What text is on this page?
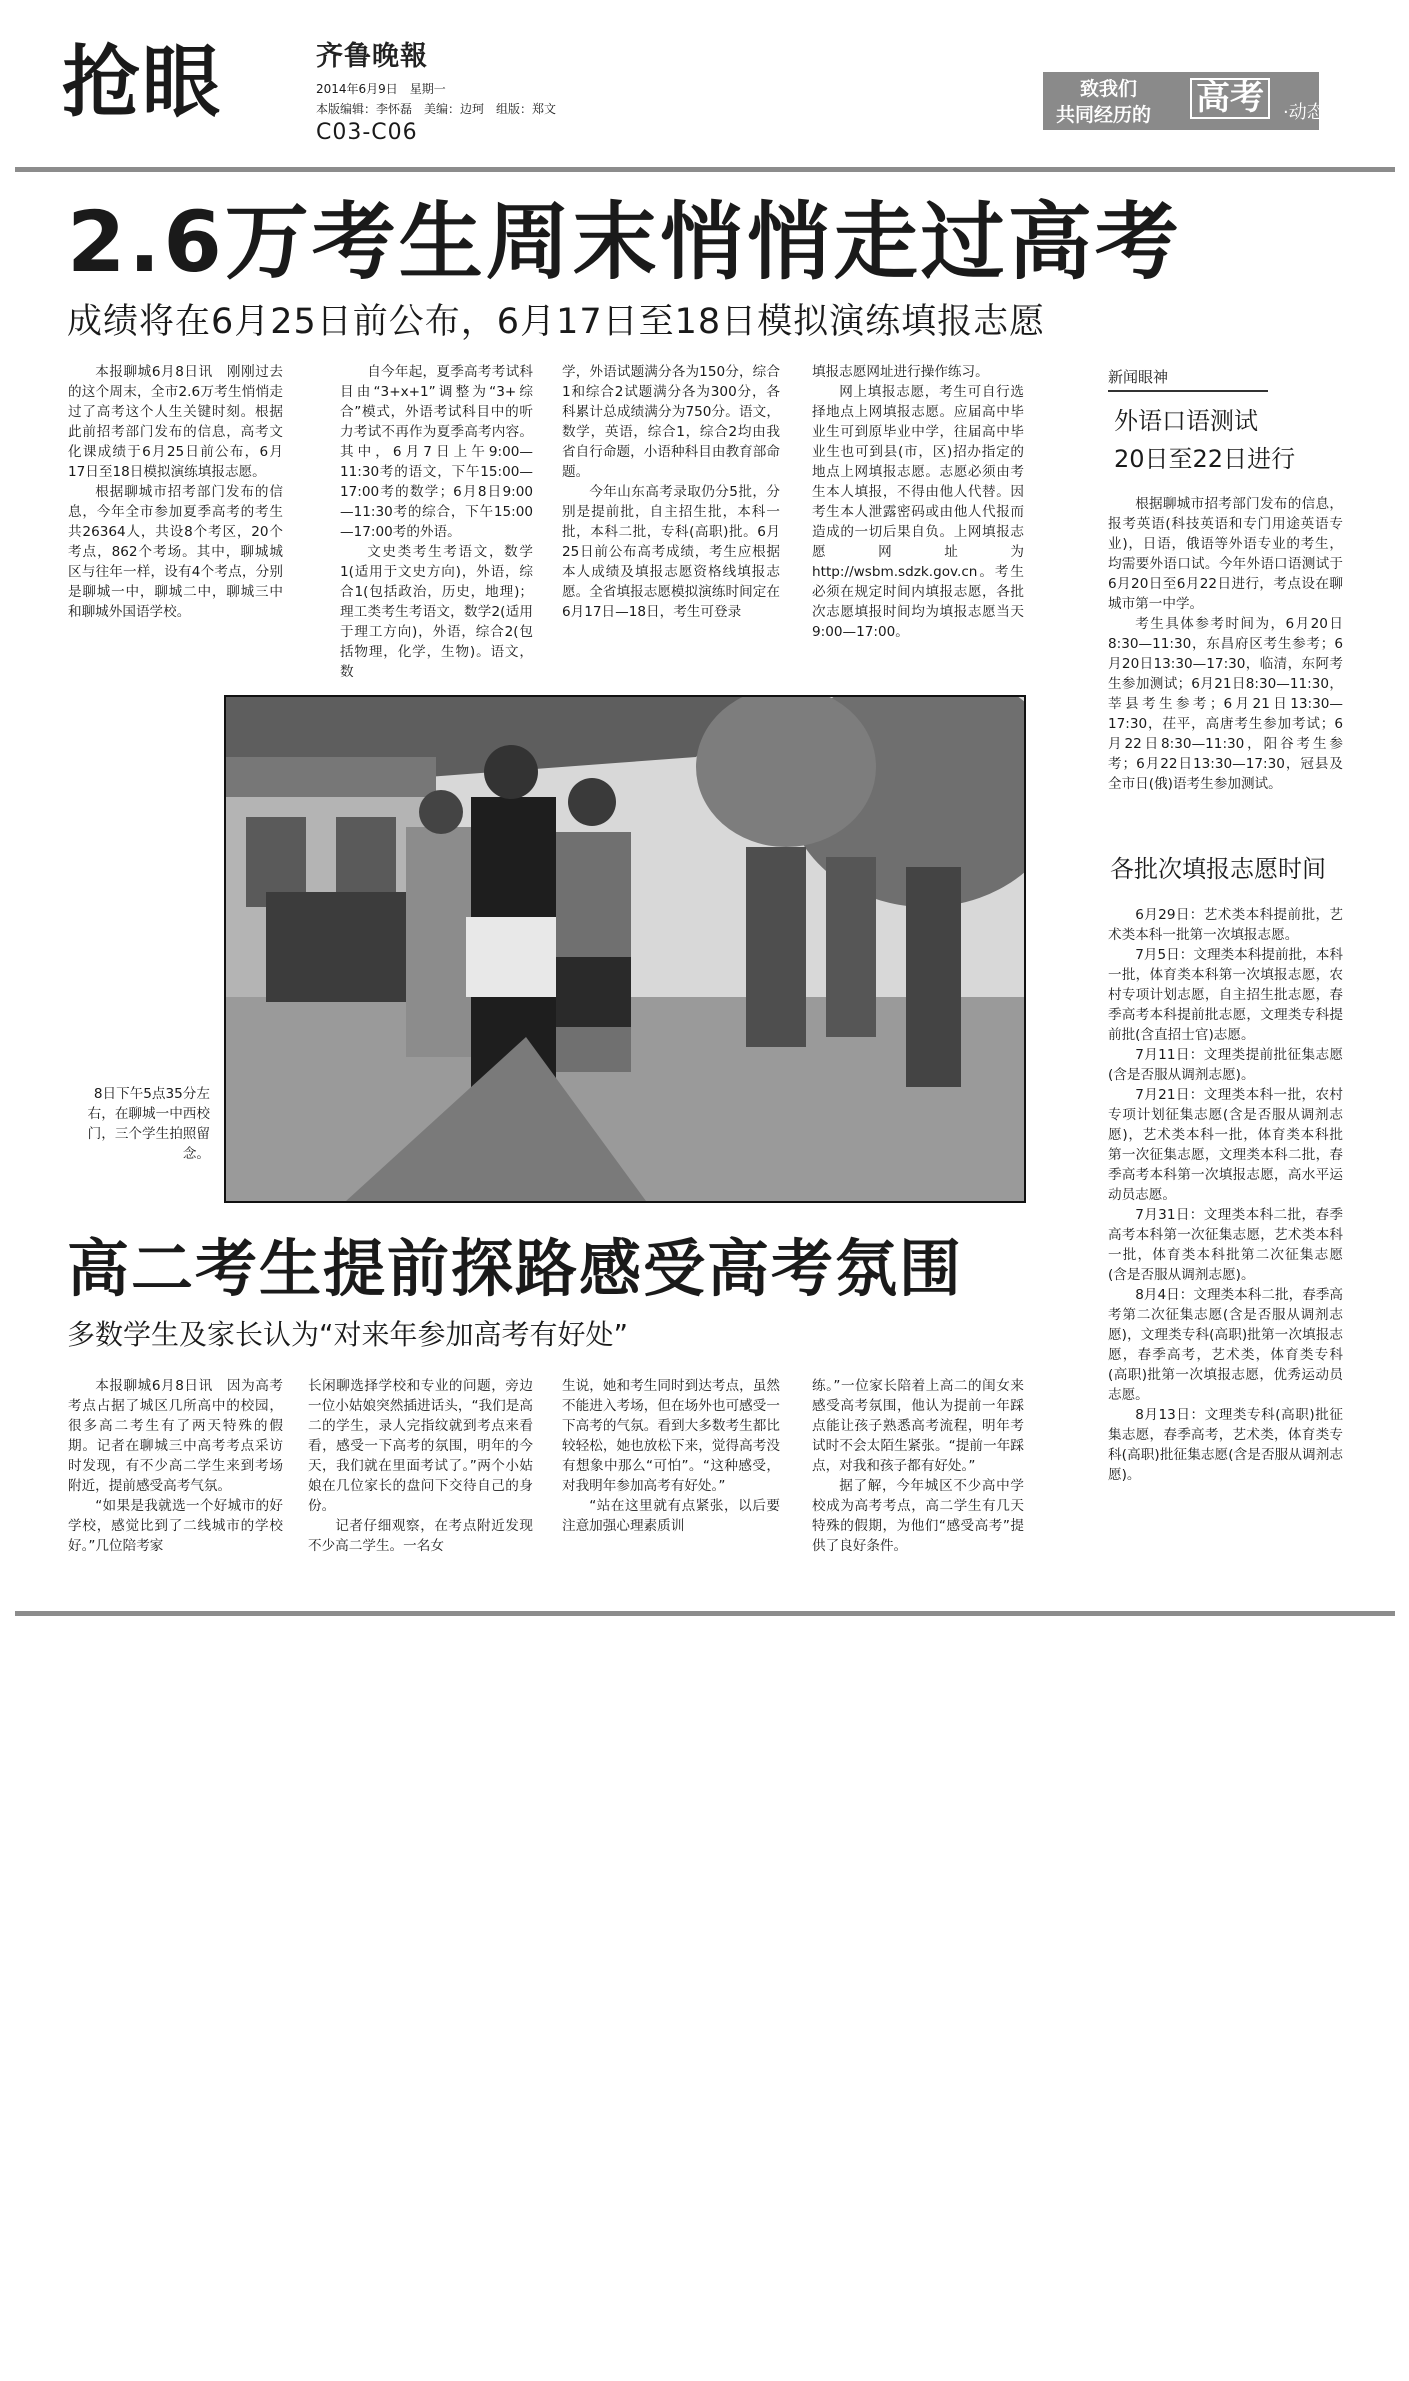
抢眼	齐鲁晚報
2014年6月9日　星期一
本版编辑：李怀磊　美编：边珂　组版：郑文
C03-C06
致我们
共同经历的 高考	·动态
2.6万考生周末悄悄走过高考
成绩将在6月25日前公布，6月17日至18日模拟演练填报志愿

本报聊城6月8日讯　刚刚过去的这个周末，全市2.6万考生悄悄走过了高考这个人生关键时刻。根据此前招考部门发布的信息，高考文化课成绩于6月25日前公布，6月17日至18日模拟演练填报志愿。

根据聊城市招考部门发布的信息，今年全市参加夏季高考的考生共26364人，共设8个考区，20个考点，862个考场。其中，聊城城区与往年一样，设有4个考点，分别是聊城一中，聊城二中，聊城三中和聊城外国语学校。

自今年起，夏季高考考试科目由“3+x+1”调整为“3+综合”模式，外语考试科目中的听力考试不再作为夏季高考内容。其中，6月7日上午9:00—11:30考的语文，下午15:00—17:00考的数学；6月8日9:00—11:30考的综合，下午15:00—17:00考的外语。

文史类考生考语文，数学1(适用于文史方向)，外语，综合1(包括政治，历史，地理)；理工类考生考语文，数学2(适用于理工方向)，外语，综合2(包括物理，化学，生物)。语文，数

学，外语试题满分各为150分，综合1和综合2试题满分各为300分，各科累计总成绩满分为750分。语文，数学，英语，综合1，综合2均由我省自行命题，小语种科目由教育部命题。

今年山东高考录取仍分5批，分别是提前批，自主招生批，本科一批，本科二批，专科(高职)批。6月25日前公布高考成绩，考生应根据本人成绩及填报志愿资格线填报志愿。全省填报志愿模拟演练时间定在6月17日—18日，考生可登录

填报志愿网址进行操作练习。

网上填报志愿，考生可自行选择地点上网填报志愿。应届高中毕业生可到原毕业中学，往届高中毕业生也可到县(市，区)招办指定的地点上网填报志愿。志愿必须由考生本人填报，不得由他人代替。因考生本人泄露密码或由他人代报而造成的一切后果自负。上网填报志愿网址为http://wsbm.sdzk.gov.cn。考生必须在规定时间内填报志愿，各批次志愿填报时间均为填报志愿当天9:00—17:00。

8日下午5点35分左右，在聊城一中西校门，三个学生拍照留念。
高二考生提前探路感受高考氛围
多数学生及家长认为“对来年参加高考有好处”

本报聊城6月8日讯　因为高考考点占据了城区几所高中的校园，很多高二考生有了两天特殊的假期。记者在聊城三中高考考点采访时发现，有不少高二学生来到考场附近，提前感受高考气氛。

“如果是我就选一个好城市的好学校，感觉比到了二线城市的学校好。”几位陪考家

长闲聊选择学校和专业的问题，旁边一位小姑娘突然插进话头，“我们是高二的学生，录人完指纹就到考点来看看，感受一下高考的氛围，明年的今天，我们就在里面考试了。”两个小姑娘在几位家长的盘问下交待自己的身份。

记者仔细观察，在考点附近发现不少高二学生。一名女

生说，她和考生同时到达考点，虽然不能进入考场，但在场外也可感受一下高考的气氛。看到大多数考生都比较轻松，她也放松下来，觉得高考没有想象中那么“可怕”。“这种感受，对我明年参加高考有好处。”

“站在这里就有点紧张，以后要注意加强心理素质训

练。”一位家长陪着上高二的闺女来感受高考氛围，他认为提前一年踩点能让孩子熟悉高考流程，明年考试时不会太陌生紧张。“提前一年踩点，对我和孩子都有好处。”

据了解，今年城区不少高中学校成为高考考点，高二学生有几天特殊的假期，为他们“感受高考”提供了良好条件。

新闻眼神
外语口语测试
20日至22日进行

根据聊城市招考部门发布的信息，报考英语(科技英语和专门用途英语专业)，日语，俄语等外语专业的考生，均需要外语口试。今年外语口语测试于6月20日至6月22日进行，考点设在聊城市第一中学。

考生具体参考时间为，6月20日8:30—11:30，东昌府区考生参考；6月20日13:30—17:30，临清，东阿考生参加测试；6月21日8:30—11:30，莘县考生参考；6月21日13:30—17:30，茌平，高唐考生参加考试；6月22日8:30—11:30，阳谷考生参考；6月22日13:30—17:30，冠县及全市日(俄)语考生参加测试。

各批次填报志愿时间

6月29日：艺术类本科提前批，艺术类本科一批第一次填报志愿。

7月5日：文理类本科提前批，本科一批，体育类本科第一次填报志愿，农村专项计划志愿，自主招生批志愿，春季高考本科提前批志愿，文理类专科提前批(含直招士官)志愿。

7月11日：文理类提前批征集志愿(含是否服从调剂志愿)。

7月21日：文理类本科一批，农村专项计划征集志愿(含是否服从调剂志愿)，艺术类本科一批，体育类本科批第一次征集志愿，文理类本科二批，春季高考本科第一次填报志愿，高水平运动员志愿。

7月31日：文理类本科二批，春季高考本科第一次征集志愿，艺术类本科一批，体育类本科批第二次征集志愿(含是否服从调剂志愿)。

8月4日：文理类本科二批，春季高考第二次征集志愿(含是否服从调剂志愿)，文理类专科(高职)批第一次填报志愿，春季高考，艺术类，体育类专科(高职)批第一次填报志愿，优秀运动员志愿。

8月13日：文理类专科(高职)批征集志愿，春季高考，艺术类，体育类专科(高职)批征集志愿(含是否服从调剂志愿)。
